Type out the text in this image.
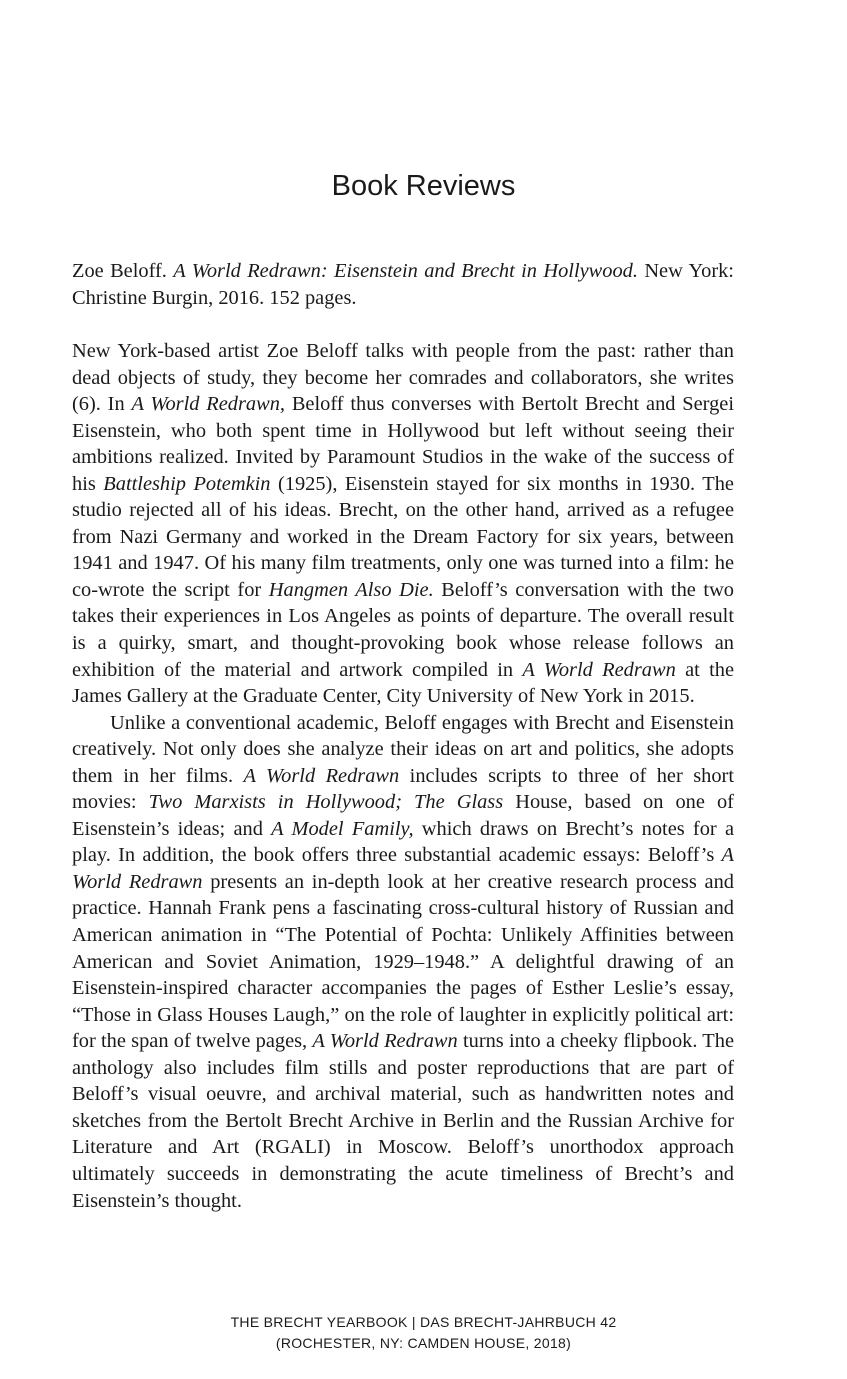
Book Reviews
Zoe Beloff. A World Redrawn: Eisenstein and Brecht in Hollywood. New York: Christine Burgin, 2016. 152 pages.

New York-based artist Zoe Beloff talks with people from the past: rather than dead objects of study, they become her comrades and collaborators, she writes (6). In A World Redrawn, Beloff thus converses with Bertolt Brecht and Sergei Eisenstein, who both spent time in Hollywood but left without seeing their ambitions realized. Invited by Paramount Studios in the wake of the success of his Battleship Potemkin (1925), Eisenstein stayed for six months in 1930. The studio rejected all of his ideas. Brecht, on the other hand, arrived as a refugee from Nazi Germany and worked in the Dream Factory for six years, between 1941 and 1947. Of his many film treatments, only one was turned into a film: he co-wrote the script for Hangmen Also Die. Beloff’s conversation with the two takes their experiences in Los Angeles as points of departure. The overall result is a quirky, smart, and thought-provoking book whose release follows an exhibition of the material and artwork compiled in A World Redrawn at the James Gallery at the Graduate Center, City University of New York in 2015.

Unlike a conventional academic, Beloff engages with Brecht and Eisenstein creatively. Not only does she analyze their ideas on art and politics, she adopts them in her films. A World Redrawn includes scripts to three of her short movies: Two Marxists in Hollywood; The Glass House, based on one of Eisenstein’s ideas; and A Model Family, which draws on Brecht’s notes for a play. In addition, the book offers three substantial academic essays: Beloff’s A World Redrawn presents an in-depth look at her creative research process and practice. Hannah Frank pens a fascinating cross-cultural history of Russian and American animation in “The Potential of Pochta: Unlikely Affinities between American and Soviet Animation, 1929–1948.” A delightful drawing of an Eisenstein-inspired character accompanies the pages of Esther Leslie’s essay, “Those in Glass Houses Laugh,” on the role of laughter in explicitly political art: for the span of twelve pages, A World Redrawn turns into a cheeky flipbook. The anthology also includes film stills and poster reproductions that are part of Beloff’s visual oeuvre, and archival material, such as handwritten notes and sketches from the Bertolt Brecht Archive in Berlin and the Russian Archive for Literature and Art (RGALI) in Moscow. Beloff’s unorthodox approach ultimately succeeds in demonstrating the acute timeliness of Brecht’s and Eisenstein’s thought.

THE BRECHT YEARBOOK | DAS BRECHT-JAHRBUCH 42
(ROCHESTER, NY: CAMDEN HOUSE, 2018)
